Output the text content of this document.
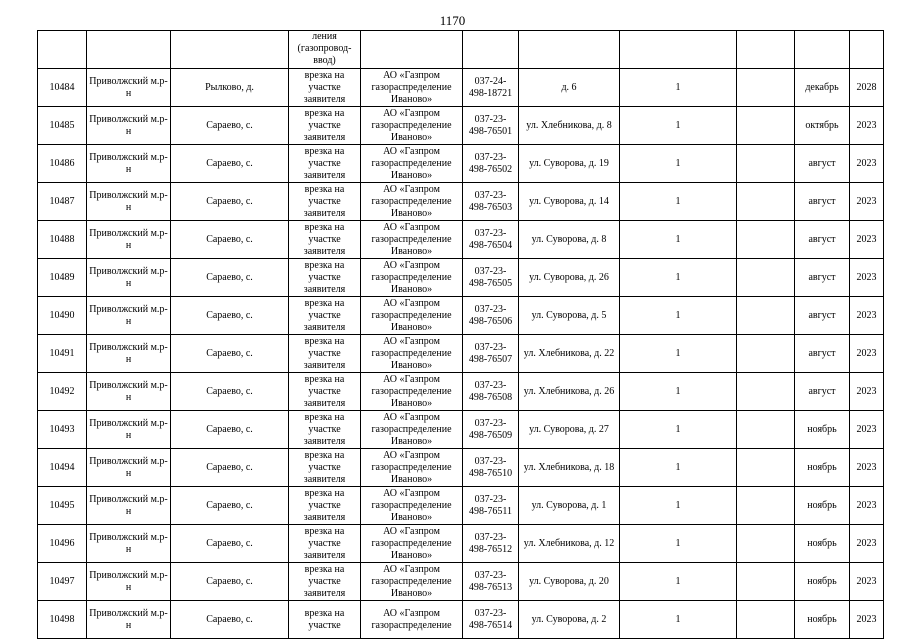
1170
			ления (газопровод- ввод)							
10484	Приволжский м.р-н	Рылково, д.	врезка на участке заявителя	АО «Газпром газораспределение Иваново»	037-24- 498-18721	д. 6	1		декабрь	2028
10485	Приволжский м.р-н	Сараево, с.	врезка на участке заявителя	АО «Газпром газораспределение Иваново»	037-23- 498-76501	ул. Хлебникова, д. 8	1		октябрь	2023
10486	Приволжский м.р-н	Сараево, с.	врезка на участке заявителя	АО «Газпром газораспределение Иваново»	037-23- 498-76502	ул. Суворова, д. 19	1		август	2023
10487	Приволжский м.р-н	Сараево, с.	врезка на участке заявителя	АО «Газпром газораспределение Иваново»	037-23- 498-76503	ул. Суворова, д. 14	1		август	2023
10488	Приволжский м.р-н	Сараево, с.	врезка на участке заявителя	АО «Газпром газораспределение Иваново»	037-23- 498-76504	ул. Суворова, д. 8	1		август	2023
10489	Приволжский м.р-н	Сараево, с.	врезка на участке заявителя	АО «Газпром газораспределение Иваново»	037-23- 498-76505	ул. Суворова, д. 26	1		август	2023
10490	Приволжский м.р-н	Сараево, с.	врезка на участке заявителя	АО «Газпром газораспределение Иваново»	037-23- 498-76506	ул. Суворова, д. 5	1		август	2023
10491	Приволжский м.р-н	Сараево, с.	врезка на участке заявителя	АО «Газпром газораспределение Иваново»	037-23- 498-76507	ул. Хлебникова, д. 22	1		август	2023
10492	Приволжский м.р-н	Сараево, с.	врезка на участке заявителя	АО «Газпром газораспределение Иваново»	037-23- 498-76508	ул. Хлебникова, д. 26	1		август	2023
10493	Приволжский м.р-н	Сараево, с.	врезка на участке заявителя	АО «Газпром газораспределение Иваново»	037-23- 498-76509	ул. Суворова, д. 27	1		ноябрь	2023
10494	Приволжский м.р-н	Сараево, с.	врезка на участке заявителя	АО «Газпром газораспределение Иваново»	037-23- 498-76510	ул. Хлебникова, д. 18	1		ноябрь	2023
10495	Приволжский м.р-н	Сараево, с.	врезка на участке заявителя	АО «Газпром газораспределение Иваново»	037-23- 498-76511	ул. Суворова, д. 1	1		ноябрь	2023
10496	Приволжский м.р-н	Сараево, с.	врезка на участке заявителя	АО «Газпром газораспределение Иваново»	037-23- 498-76512	ул. Хлебникова, д. 12	1		ноябрь	2023
10497	Приволжский м.р-н	Сараево, с.	врезка на участке заявителя	АО «Газпром газораспределение Иваново»	037-23- 498-76513	ул. Суворова, д. 20	1		ноябрь	2023
10498	Приволжский м.р-н	Сараево, с.	врезка на участке	АО «Газпром газораспределение	037-23- 498-76514	ул. Суворова, д. 2	1		ноябрь	2023
